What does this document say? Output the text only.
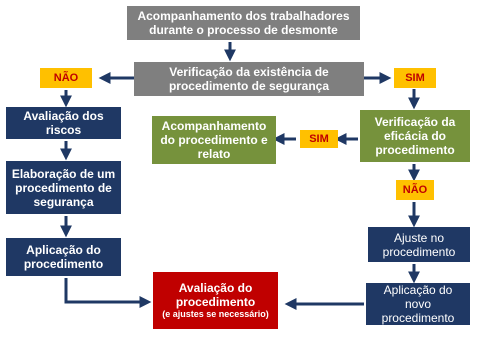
Acompanhamento dos trabalhadores durante o processo de desmonte
Verificação da existência de procedimento de segurança
NÃO	SIM
Avaliação dos riscos
Elaboração de um procedimento de segurança
Aplicação do procedimento
Verificação da eficácia do procedimento
SIM
Acompanhamento do procedimento e relato
NÃO
Ajuste no procedimento
Aplicação do novo procedimento
Avaliação do procedimento
(e ajustes se necessário)
